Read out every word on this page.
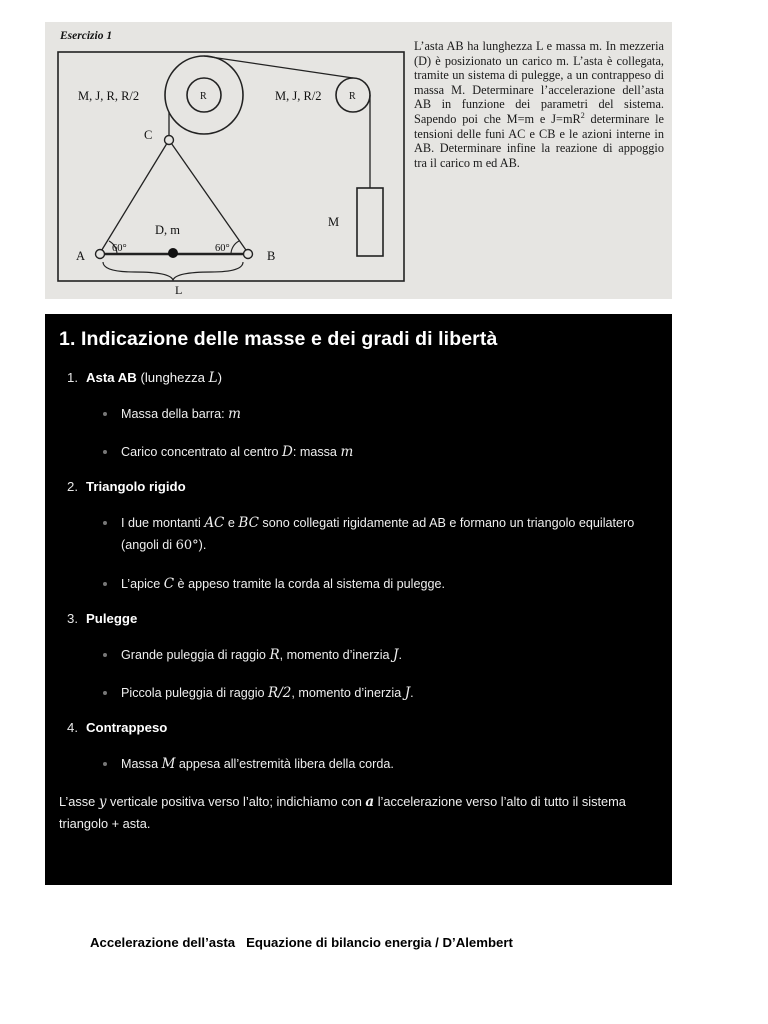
Esercizio 1
M, J, R, R/2	M, J, R/2
R	R
C
A	B
D, m
60°	60°
M
L
L’asta AB ha lunghezza L e massa m. In mezzeria (D) è posizionato un carico m. L’asta è collegata, tramite un sistema di pulegge, a un contrappeso di massa M. Determinare l’accelerazione dell’asta AB in funzione dei parametri del sistema. Sapendo poi che M=m e $J=mR^2$ determinare le tensioni delle funi AC e CB e le azioni interne in AB. Determinare infine la reazione di appoggio tra il carico m ed AB.
1. Indicazione delle masse e dei gradi di libertà
1. Asta AB (lunghezza L)
Massa della barra: m
Carico concentrato al centro D: massa m
2. Triangolo rigido
I due montanti AC e BC sono collegati rigidamente ad AB e formano un triangolo equilatero (angoli di 60°).
L’apice C è appeso tramite la corda al sistema di pulegge.
3. Pulegge
Grande puleggia di raggio R, momento d’inerzia J.
Piccola puleggia di raggio R/2, momento d’inerzia J.
4. Contrappeso
Massa M appesa all’estremità libera della corda.

L’asse y verticale positiva verso l’alto; indichiamo con a l’accelerazione verso l’alto di tutto il sistema triangolo + asta.

Accelerazione dell’asta   Equazione di bilancio energia / D’Alembert
